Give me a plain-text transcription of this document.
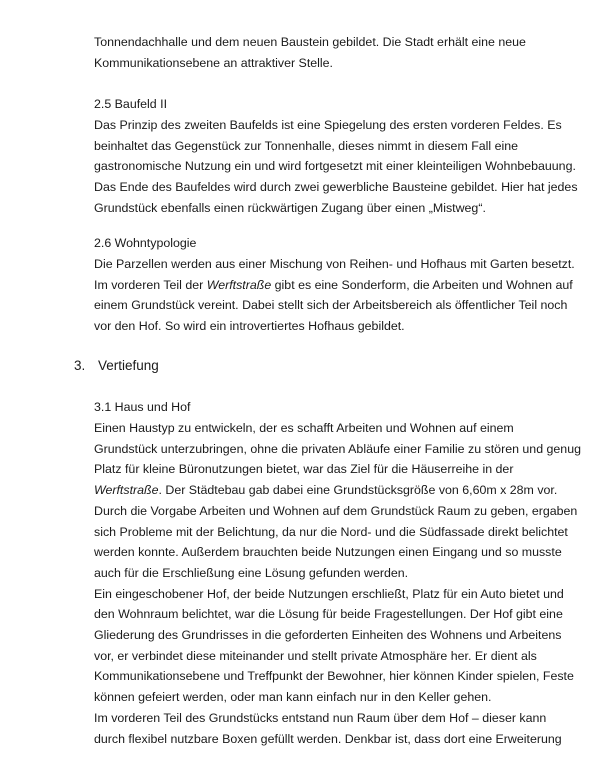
Tonnendachhalle und dem neuen Baustein gebildet. Die Stadt erhält eine neue
Kommunikationsebene an attraktiver Stelle.
2.5 Baufeld II
Das Prinzip des zweiten Baufelds ist eine Spiegelung des ersten vorderen Feldes. Es
beinhaltet das Gegenstück zur Tonnenhalle, dieses nimmt in diesem Fall eine
gastronomische Nutzung ein und wird fortgesetzt mit einer kleinteiligen Wohnbebauung.
Das Ende des Baufeldes wird durch zwei gewerbliche Bausteine gebildet. Hier hat jedes
Grundstück ebenfalls einen rückwärtigen Zugang über einen „Mistweg“.
2.6 Wohntypologie
Die Parzellen werden aus einer Mischung von Reihen- und Hofhaus mit Garten besetzt.
Im vorderen Teil der Werftstraße gibt es eine Sonderform, die Arbeiten und Wohnen auf
einem Grundstück vereint. Dabei stellt sich der Arbeitsbereich als öffentlicher Teil noch
vor den Hof. So wird ein introvertiertes Hofhaus gebildet.
3. Vertiefung
3.1 Haus und Hof
Einen Haustyp zu entwickeln, der es schafft Arbeiten und Wohnen auf einem
Grundstück unterzubringen, ohne die privaten Abläufe einer Familie zu stören und genug
Platz für kleine Büronutzungen bietet, war das Ziel für die Häuserreihe in der
Werftstraße. Der Städtebau gab dabei eine Grundstücksgröße von 6,60m x 28m vor.
Durch die Vorgabe Arbeiten und Wohnen auf dem Grundstück Raum zu geben, ergaben
sich Probleme mit der Belichtung, da nur die Nord- und die Südfassade direkt belichtet
werden konnte. Außerdem brauchten beide Nutzungen einen Eingang und so musste
auch für die Erschließung eine Lösung gefunden werden.
Ein eingeschobener Hof, der beide Nutzungen erschließt, Platz für ein Auto bietet und
den Wohnraum belichtet, war die Lösung für beide Fragestellungen. Der Hof gibt eine
Gliederung des Grundrisses in die geforderten Einheiten des Wohnens und Arbeitens
vor, er verbindet diese miteinander und stellt private Atmosphäre her. Er dient als
Kommunikationsebene und Treffpunkt der Bewohner, hier können Kinder spielen, Feste
können gefeiert werden, oder man kann einfach nur in den Keller gehen.
Im vorderen Teil des Grundstücks entstand nun Raum über dem Hof – dieser kann
durch flexibel nutzbare Boxen gefüllt werden. Denkbar ist, dass dort eine Erweiterung
